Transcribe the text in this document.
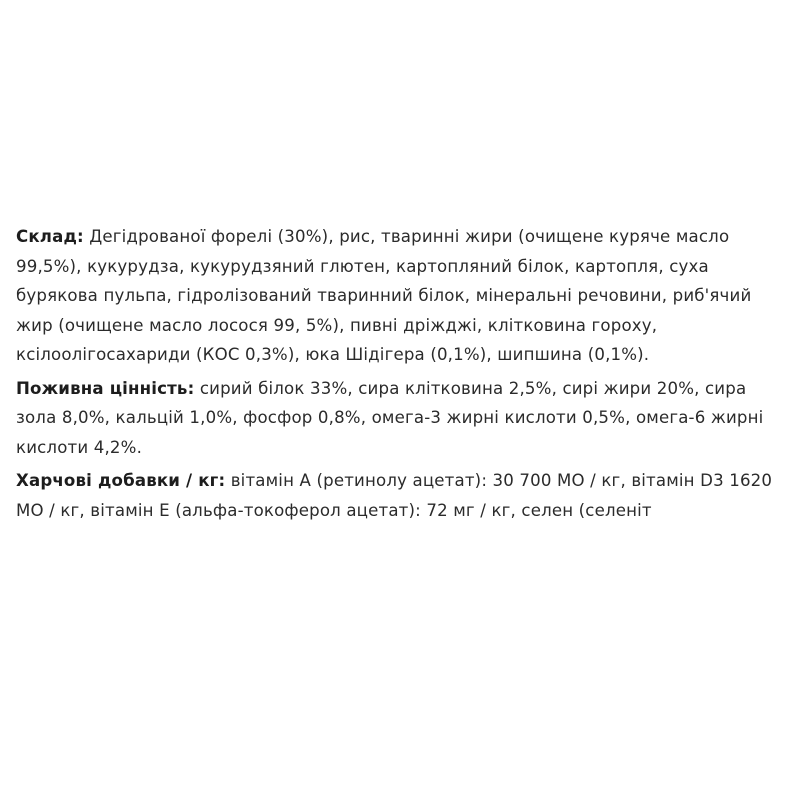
Склад: Дегідрованої форелі (30%), рис, тваринні жири (очищене куряче масло 99,5%), кукурудза, кукурудзяний глютен, картопляний білок, картопля, суха бурякова пульпа, гідролізований тваринний білок, мінеральні речовини, риб'ячий жир (очищене масло лосося 99, 5%), пивні дріжджі, клітковина гороху, ксілоолігосахариди (КОС 0,3%), юка Шідігера (0,1%), шипшина (0,1%).

Поживна цінність: сирий білок 33%, сира клітковина 2,5%, сирі жири 20%, сира зола 8,0%, кальцій 1,0%, фосфор 0,8%, омега-3 жирні кислоти 0,5%, омега-6 жирні кислоти 4,2%.

Харчові добавки / кг: вітамін А (ретинолу ацетат): 30 700 МО / кг, вітамін D3 1620 МО / кг, вітамін Е (альфа-токоферол ацетат): 72 мг / кг, селен (селеніт
